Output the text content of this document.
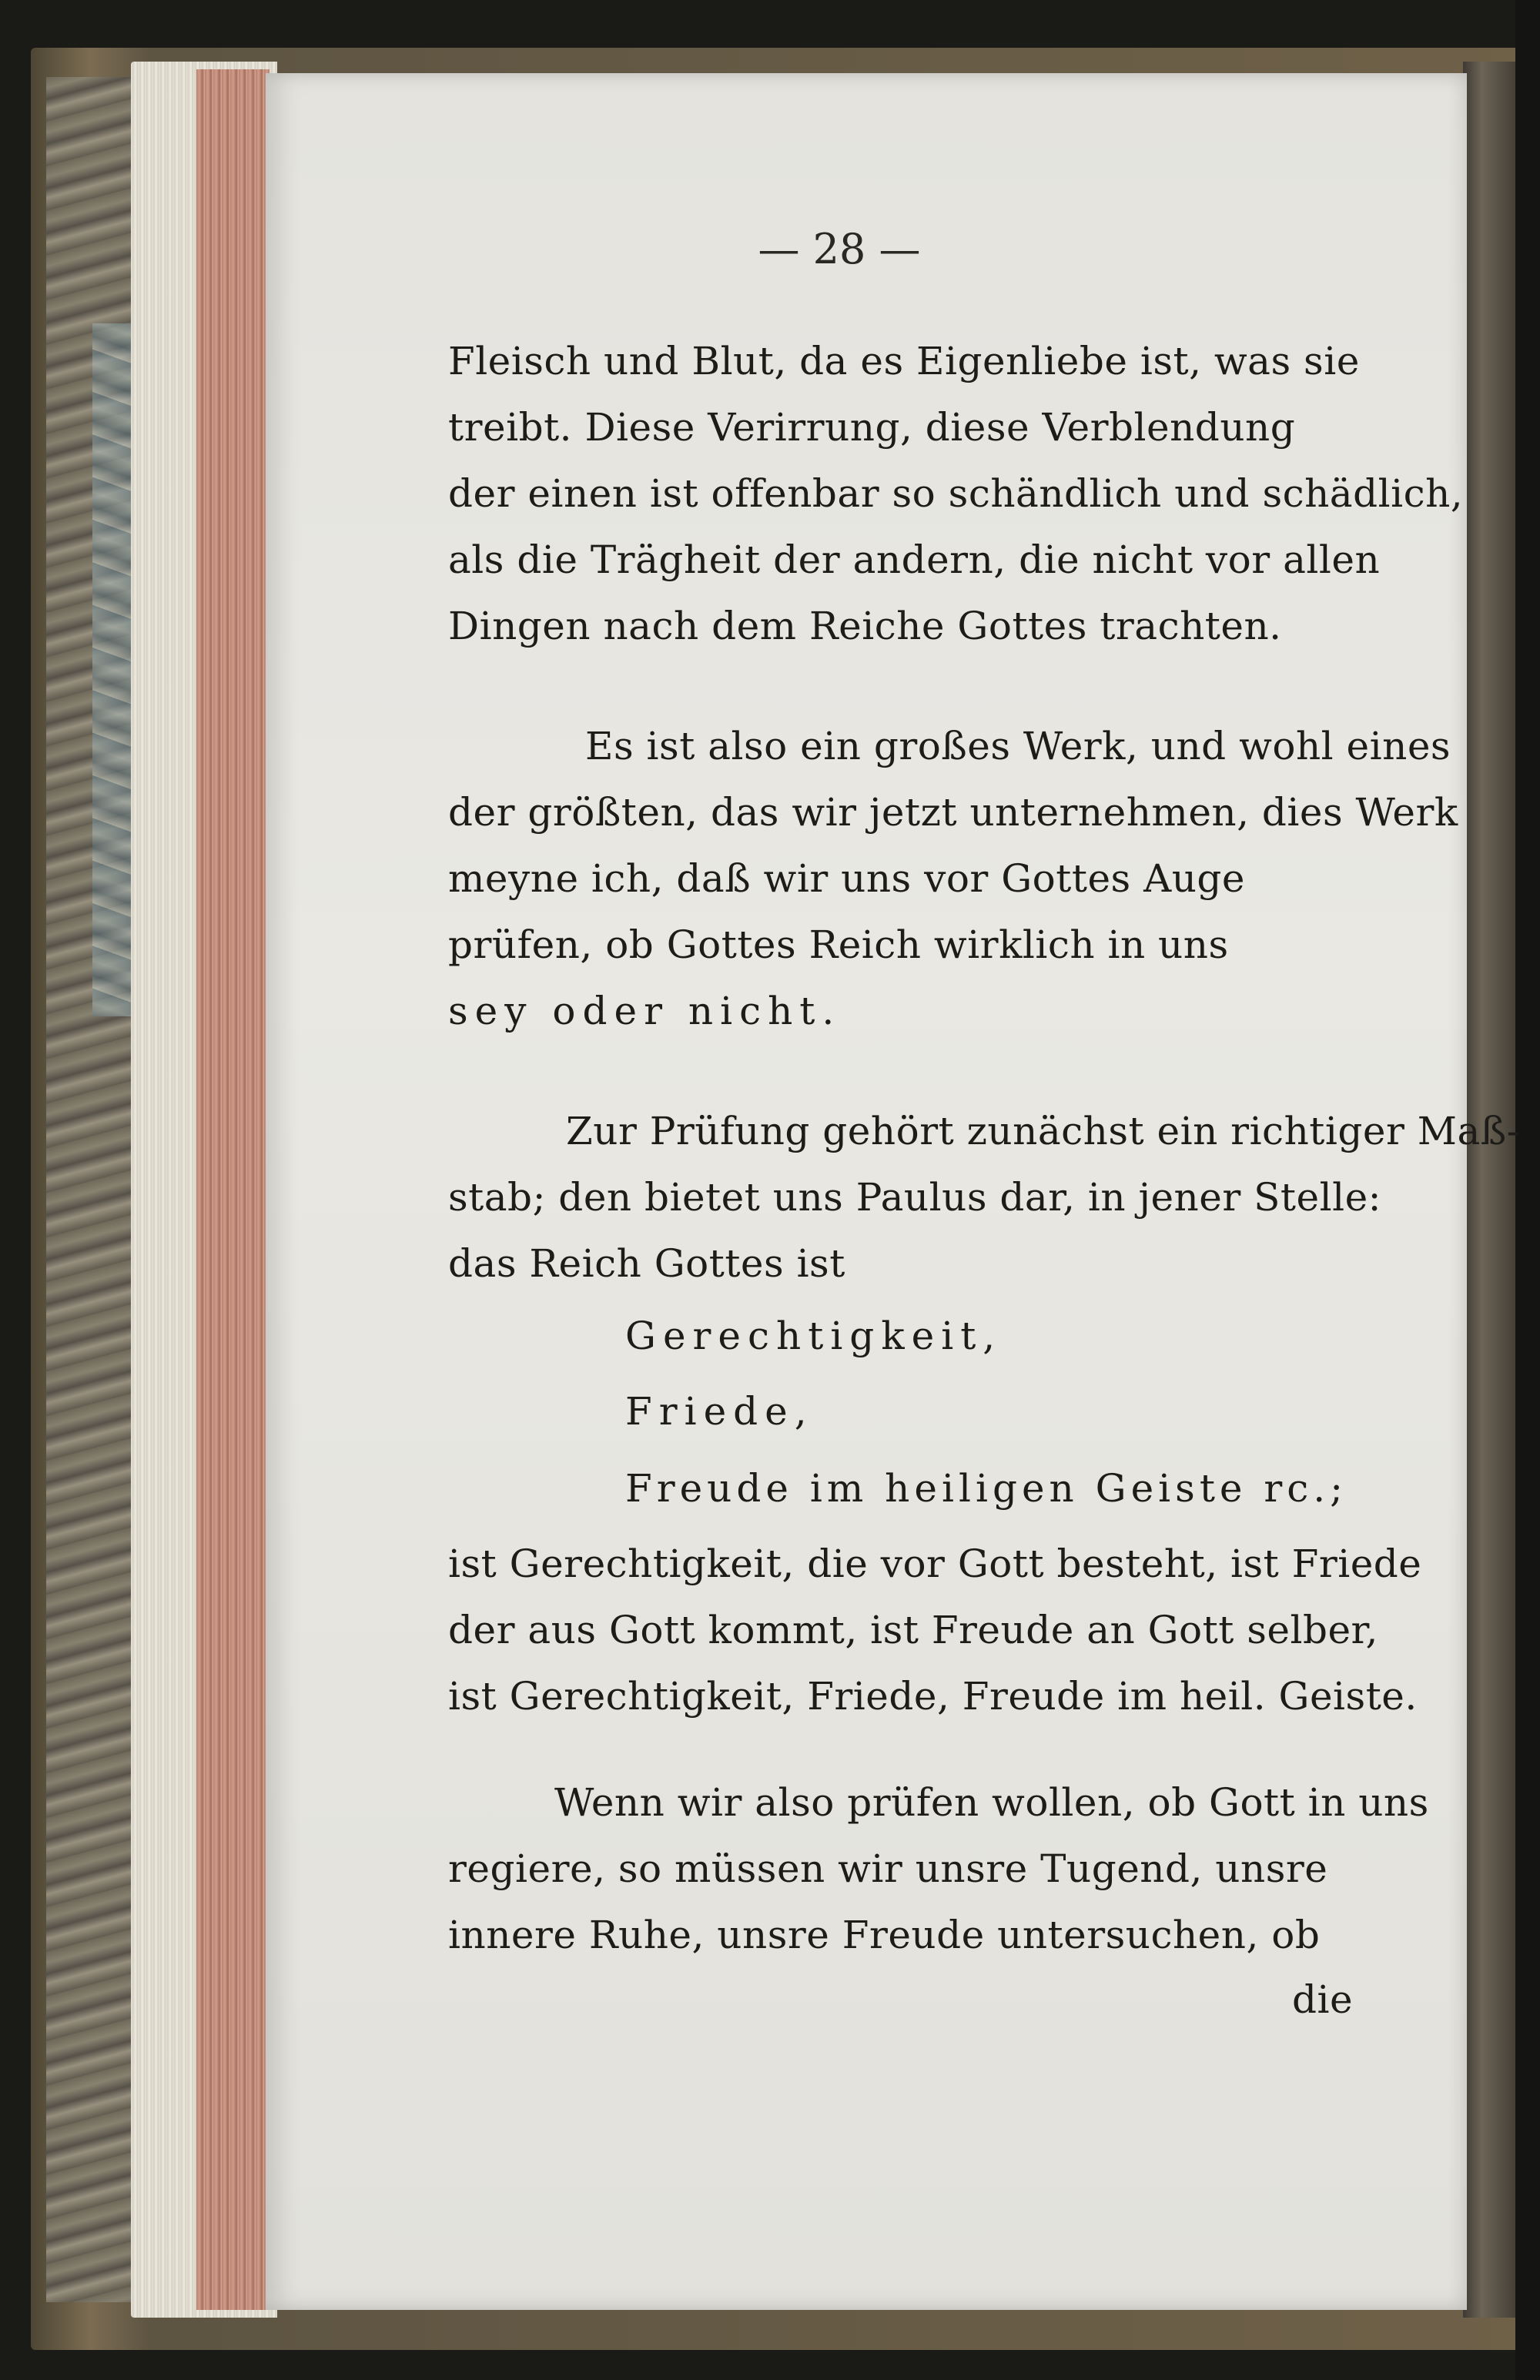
— 28 —
Fleisch und Blut, da es Eigenliebe ist, was sie
treibt. Diese Verirrung, diese Verblendung
der einen ist offenbar so schändlich und schädlich,
als die Trägheit der andern, die nicht vor allen
Dingen nach dem Reiche Gottes trachten.
Es ist also ein großes Werk, und wohl eines
der größten, das wir jetzt unternehmen, dies Werk
meyne ich, daß wir uns vor Gottes Auge
prüfen, ob Gottes Reich wirklich in uns
sey oder nicht.
Zur Prüfung gehört zunächst ein richtiger Maß-
stab; den bietet uns Paulus dar, in jener Stelle:
das Reich Gottes ist
Gerechtigkeit,
Friede,
Freude im heiligen Geiste rc.;
ist Gerechtigkeit, die vor Gott besteht, ist Friede
der aus Gott kommt, ist Freude an Gott selber,
ist Gerechtigkeit, Friede, Freude im heil. Geiste.
Wenn wir also prüfen wollen, ob Gott in uns
regiere, so müssen wir unsre Tugend, unsre
innere Ruhe, unsre Freude untersuchen, ob
die
